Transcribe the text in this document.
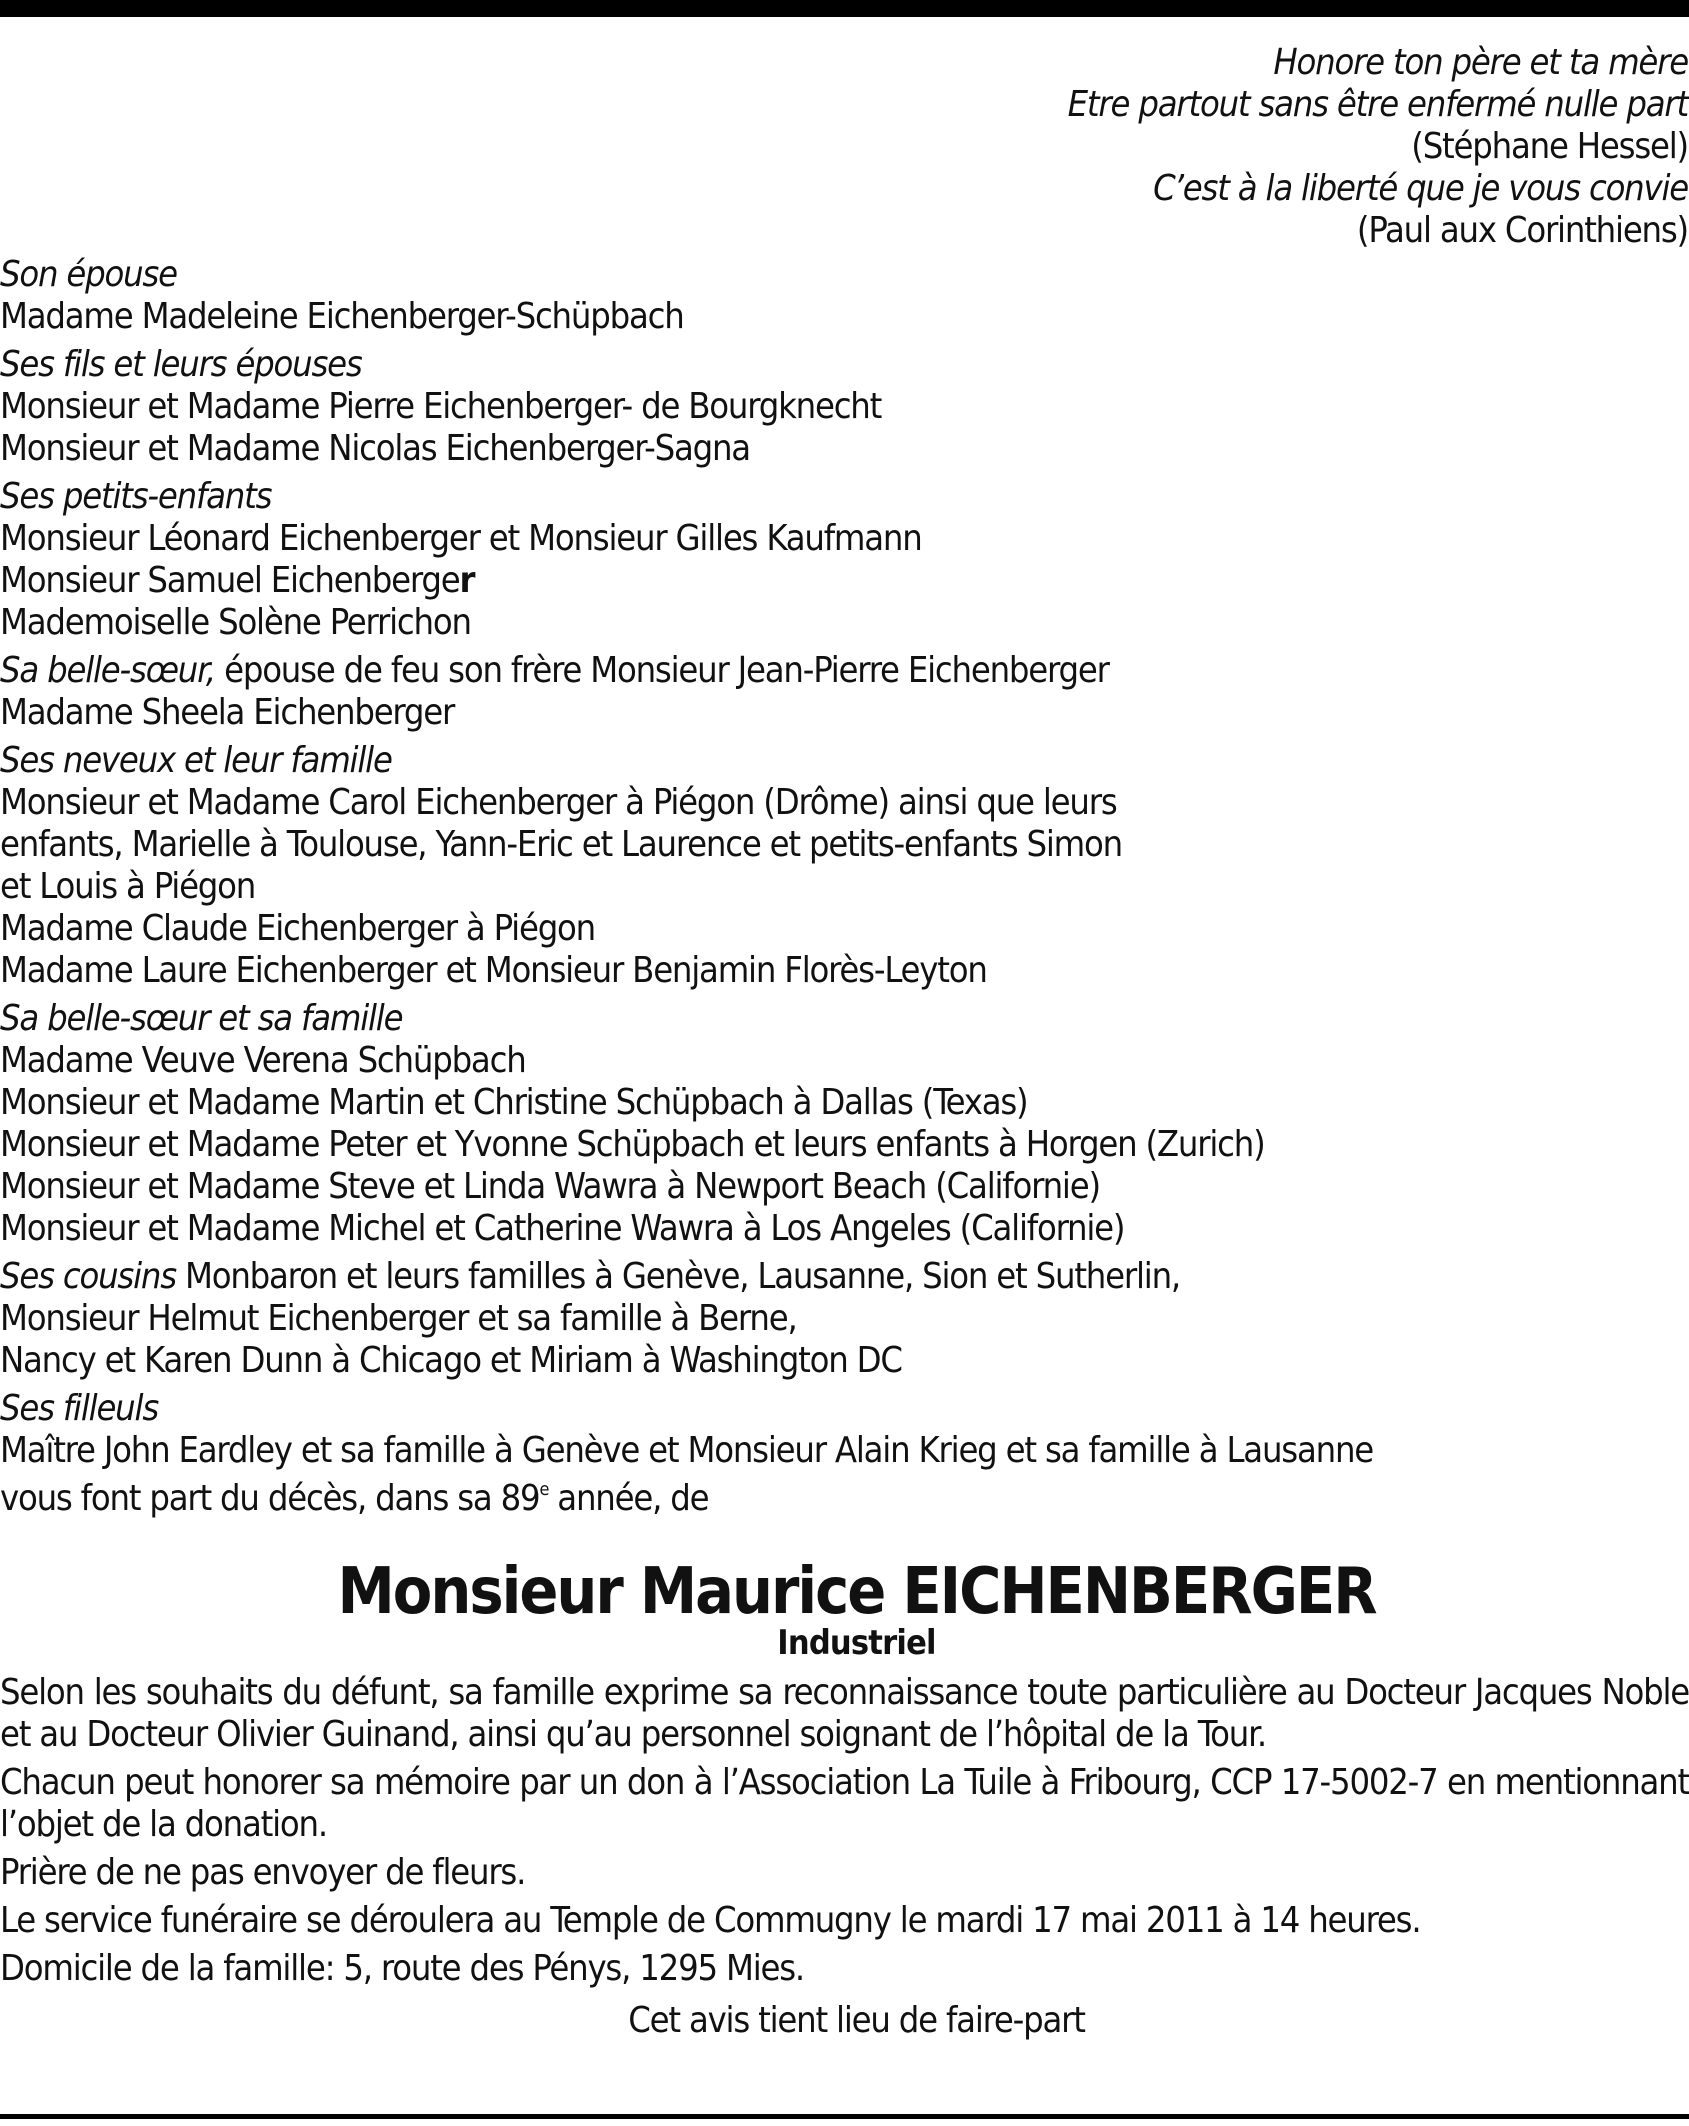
Honore ton père et ta mère
Etre partout sans être enfermé nulle part
(Stéphane Hessel)
C’est à la liberté que je vous convie
(Paul aux Corinthiens)
Son épouse
Madame Madeleine Eichenberger-Schüpbach
Ses fils et leurs épouses
Monsieur et Madame Pierre Eichenberger- de Bourgknecht
Monsieur et Madame Nicolas Eichenberger-Sagna
Ses petits-enfants
Monsieur Léonard Eichenberger et Monsieur Gilles Kaufmann
Monsieur Samuel Eichenberger
Mademoiselle Solène Perrichon
Sa belle-sœur, épouse de feu son frère Monsieur Jean-Pierre Eichenberger
Madame Sheela Eichenberger
Ses neveux et leur famille
Monsieur et Madame Carol Eichenberger à Piégon (Drôme) ainsi que leurs
enfants, Marielle à Toulouse, Yann-Eric et Laurence et petits-enfants Simon
et Louis à Piégon
Madame Claude Eichenberger à Piégon
Madame Laure Eichenberger et Monsieur Benjamin Florès-Leyton
Sa belle-sœur et sa famille
Madame Veuve Verena Schüpbach
Monsieur et Madame Martin et Christine Schüpbach à Dallas (Texas)
Monsieur et Madame Peter et Yvonne Schüpbach et leurs enfants à Horgen (Zurich)
Monsieur et Madame Steve et Linda Wawra à Newport Beach (Californie)
Monsieur et Madame Michel et Catherine Wawra à Los Angeles (Californie)
Ses cousins Monbaron et leurs familles à Genève, Lausanne, Sion et Sutherlin,
Monsieur Helmut Eichenberger et sa famille à Berne,
Nancy et Karen Dunn à Chicago et Miriam à Washington DC
Ses filleuls
Maître John Eardley et sa famille à Genève et Monsieur Alain Krieg et sa famille à Lausanne
vous font part du décès, dans sa 89e année, de
Monsieur Maurice EICHENBERGER
Industriel
Selon les souhaits du défunt, sa famille exprime sa reconnaissance toute particulière au Docteur Jacques Noble et au Docteur Olivier Guinand, ainsi qu’au personnel soignant de l’hôpital de la Tour.
Chacun peut honorer sa mémoire par un don à l’Association La Tuile à Fribourg, CCP 17-5002-7 en mentionnant l’objet de la donation.
Prière de ne pas envoyer de fleurs.
Le service funéraire se déroulera au Temple de Commugny le mardi 17 mai 2011 à 14 heures.
Domicile de la famille: 5, route des Pénys, 1295 Mies.
Cet avis tient lieu de faire-part
